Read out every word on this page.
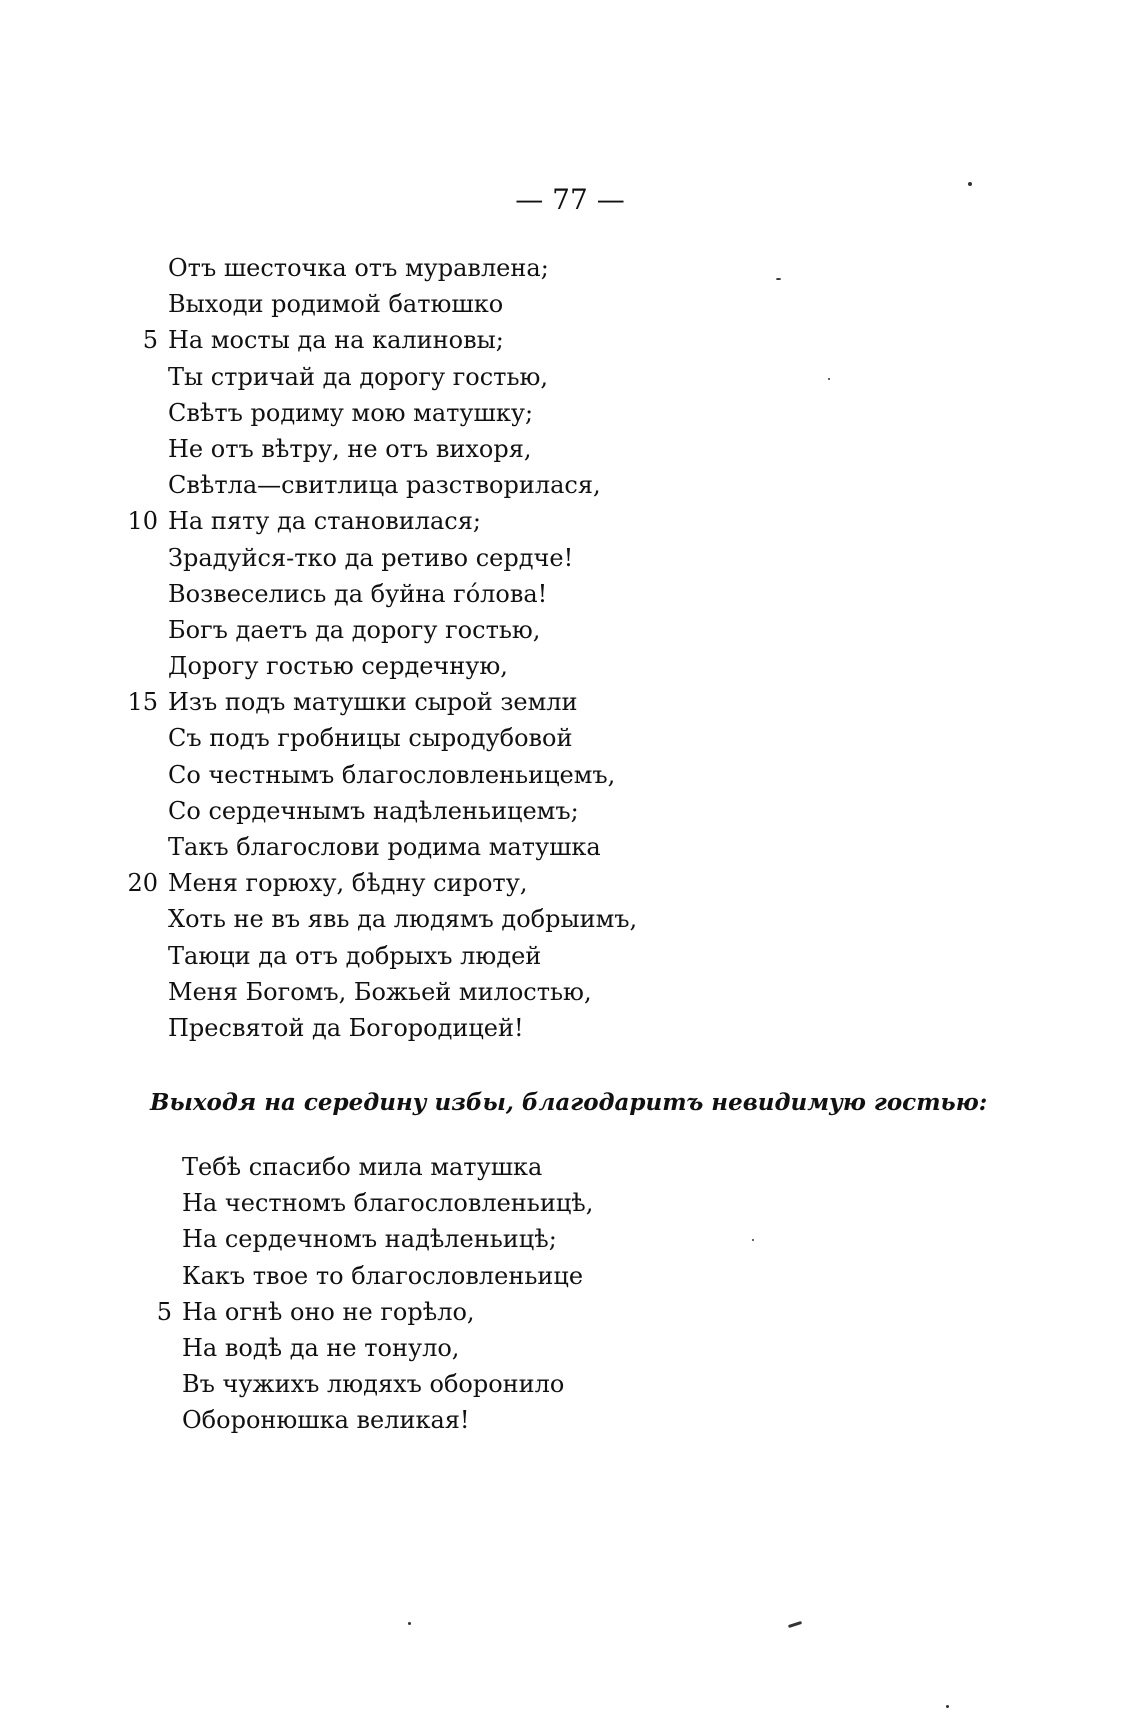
— 77 —
Отъ шесточка отъ муравлена;
Выходи родимой батюшко
5 На мосты да на калиновы;
Ты стричай да дорогу гостью,
Свѣтъ родиму мою матушку;
Не отъ вѣтру, не отъ вихоря,
Свѣтла—свитлица разстворилася,
10 На пяту да становилася;
Зрадуйся-тко да ретиво сердче!
Возвеселись да буйна го́лова!
Богъ даетъ да дорогу гостью,
Дорогу гостью сердечную,
15 Изъ подъ матушки сырой земли
Съ подъ гробницы сыродубовой
Со честнымъ благословленьицемъ,
Со сердечнымъ надѣленьицемъ;
Такъ благослови родима матушка
20 Меня горюху, бѣдну сироту,
Хоть не въ явь да людямъ добрыимъ,
Таюци да отъ добрыхъ людей
Меня Богомъ, Божьей милостью,
Пресвятой да Богородицей!
Выходя на середину избы, благодаритъ невидимую гостью:
Тебѣ спасибо мила матушка
На честномъ благословленьицѣ,
На сердечномъ надѣленьицѣ;
Какъ твое то благословленьице
5 На огнѣ оно не горѣло,
На водѣ да не тонуло,
Въ чужихъ людяхъ оборонило
Оборонюшка великая!
